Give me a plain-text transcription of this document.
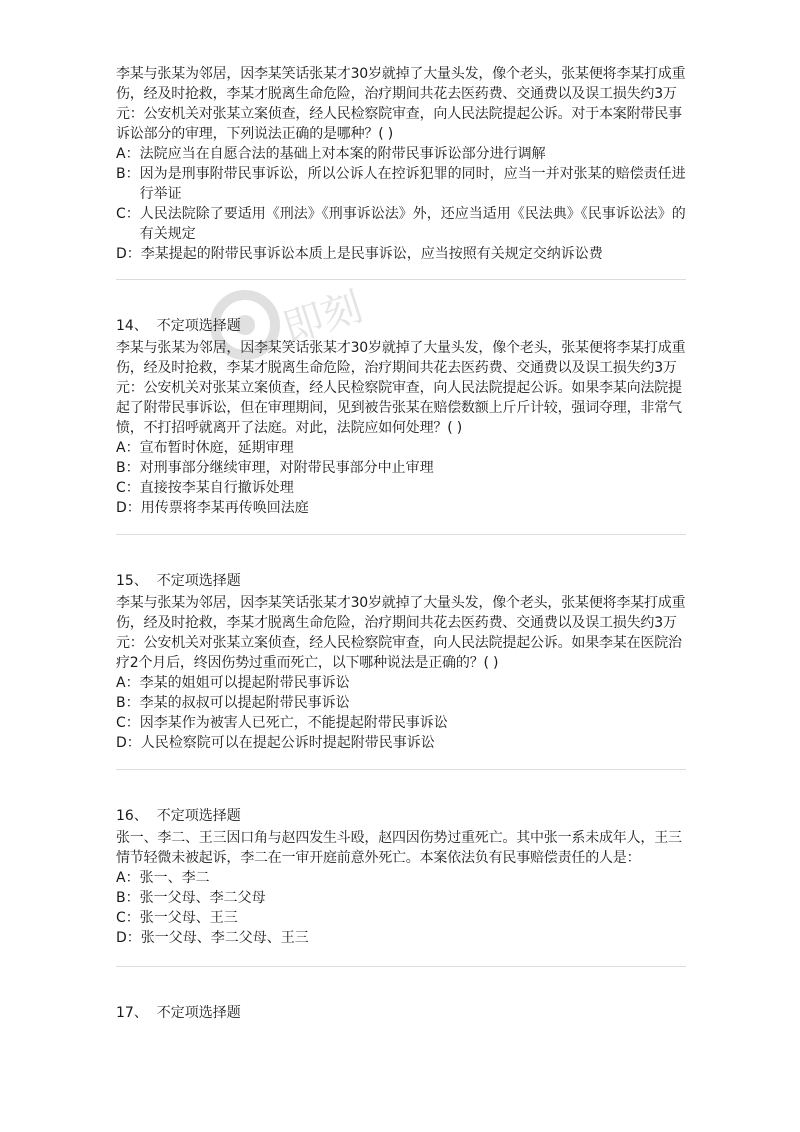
即刻

李某与张某为邻居，因李某笑话张某才30岁就掉了大量头发，像个老头，张某便将李某打成重伤，经及时抢救，李某才脱离生命危险，治疗期间共花去医药费、交通费以及误工损失约3万元：公安机关对张某立案侦查，经人民检察院审查，向人民法院提起公诉。对于本案附带民事诉讼部分的审理，下列说法正确的是哪种？( )

A： 法院应当在自愿合法的基础上对本案的附带民事诉讼部分进行调解
B： 因为是刑事附带民事诉讼，所以公诉人在控诉犯罪的同时，应当一并对张某的赔偿责任进行举证
C： 人民法院除了要适用《刑法》《刑事诉讼法》外，还应当适用《民法典》《民事诉讼法》的有关规定
D： 李某提起的附带民事诉讼本质上是民事诉讼，应当按照有关规定交纳诉讼费

14、 不定项选择题

李某与张某为邻居，因李某笑话张某才30岁就掉了大量头发，像个老头，张某便将李某打成重伤，经及时抢救，李某才脱离生命危险，治疗期间共花去医药费、交通费以及误工损失约3万元：公安机关对张某立案侦查，经人民检察院审查，向人民法院提起公诉。如果李某向法院提起了附带民事诉讼，但在审理期间，见到被告张某在赔偿数额上斤斤计较，强词夺理，非常气愤，不打招呼就离开了法庭。对此，法院应如何处理？( )

A： 宣布暂时休庭，延期审理
B： 对刑事部分继续审理，对附带民事部分中止审理
C： 直接按李某自行撤诉处理
D： 用传票将李某再传唤回法庭

15、 不定项选择题

李某与张某为邻居，因李某笑话张某才30岁就掉了大量头发，像个老头，张某便将李某打成重伤，经及时抢救，李某才脱离生命危险，治疗期间共花去医药费、交通费以及误工损失约3万元：公安机关对张某立案侦查，经人民检察院审查，向人民法院提起公诉。如果李某在医院治疗2个月后，终因伤势过重而死亡，以下哪种说法是正确的？( )

A： 李某的姐姐可以提起附带民事诉讼
B： 李某的叔叔可以提起附带民事诉讼
C： 因李某作为被害人已死亡，不能提起附带民事诉讼
D： 人民检察院可以在提起公诉时提起附带民事诉讼

16、 不定项选择题

张一、李二、王三因口角与赵四发生斗殴，赵四因伤势过重死亡。其中张一系未成年人，王三情节轻微未被起诉，李二在一审开庭前意外死亡。本案依法负有民事赔偿责任的人是：

A： 张一、李二
B： 张一父母、李二父母
C： 张一父母、王三
D： 张一父母、李二父母、王三

17、 不定项选择题
